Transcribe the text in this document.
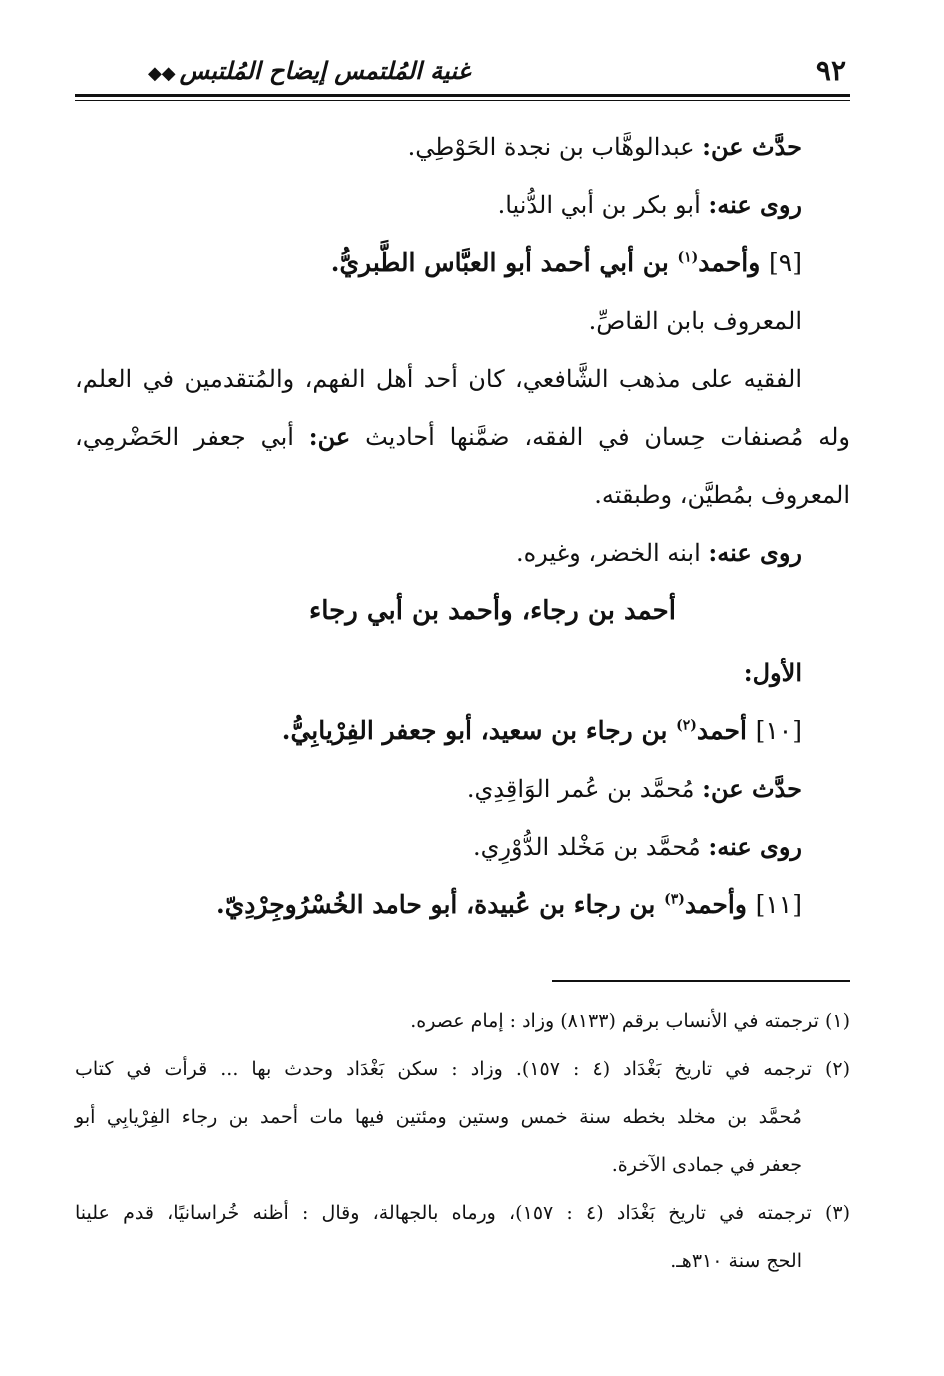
٩٢
غنية المُلتمس إيضاح المُلتبس◆◆
حدَّث عن: عبدالوهَّاب بن نجدة الحَوْطِي.
روى عنه: أبو بكر بن أبي الدُّنيا.
[٩] وأحمد$^{(١)}$ بن أبي أحمد أبو العبَّاس الطَّبريُّ.
المعروف بابن القاصِّ.
الفقيه على مذهب الشَّافعي، كان أحد أهل الفهم، والمُتقدمين في العلم،
وله مُصنفات حِسان في الفقه، ضمَّنها أحاديث عن: أبي جعفر الحَضْرمِي،
المعروف بمُطيَّن، وطبقته.
روى عنه: ابنه الخضر، وغيره.
أحمد بن رجاء، وأحمد بن أبي رجاء
الأول:
[١٠] أحمد$^{(٢)}$ بن رجاء بن سعيد، أبو جعفر الفِرْيابِيُّ.
حدَّث عن: مُحمَّد بن عُمر الوَاقِدِي.
روى عنه: مُحمَّد بن مَخْلد الدُّوْرِي.
[١١] وأحمد$^{(٣)}$ بن رجاء بن عُبيدة، أبو حامد الخُسْرُوجِرْدِيّ.
(١) ترجمته في الأنساب برقم (٨١٣٣) وزاد : إمام عصره.
(٢) ترجمه في تاريخ بَغْدَاد (٤ : ١٥٧). وزاد : سكن بَغْدَاد وحدث بها ... قرأت في كتاب
مُحمَّد بن مخلد بخطه سنة خمس وستين ومئتين فيها مات أحمد بن رجاء الفِرْيابِي أبو
جعفر في جمادى الآخرة.
(٣) ترجمته في تاريخ بَغْدَاد (٤ : ١٥٧)، ورماه بالجهالة، وقال : أظنه خُراسانيًا، قدم علينا
الحج سنة ٣١٠هـ.
